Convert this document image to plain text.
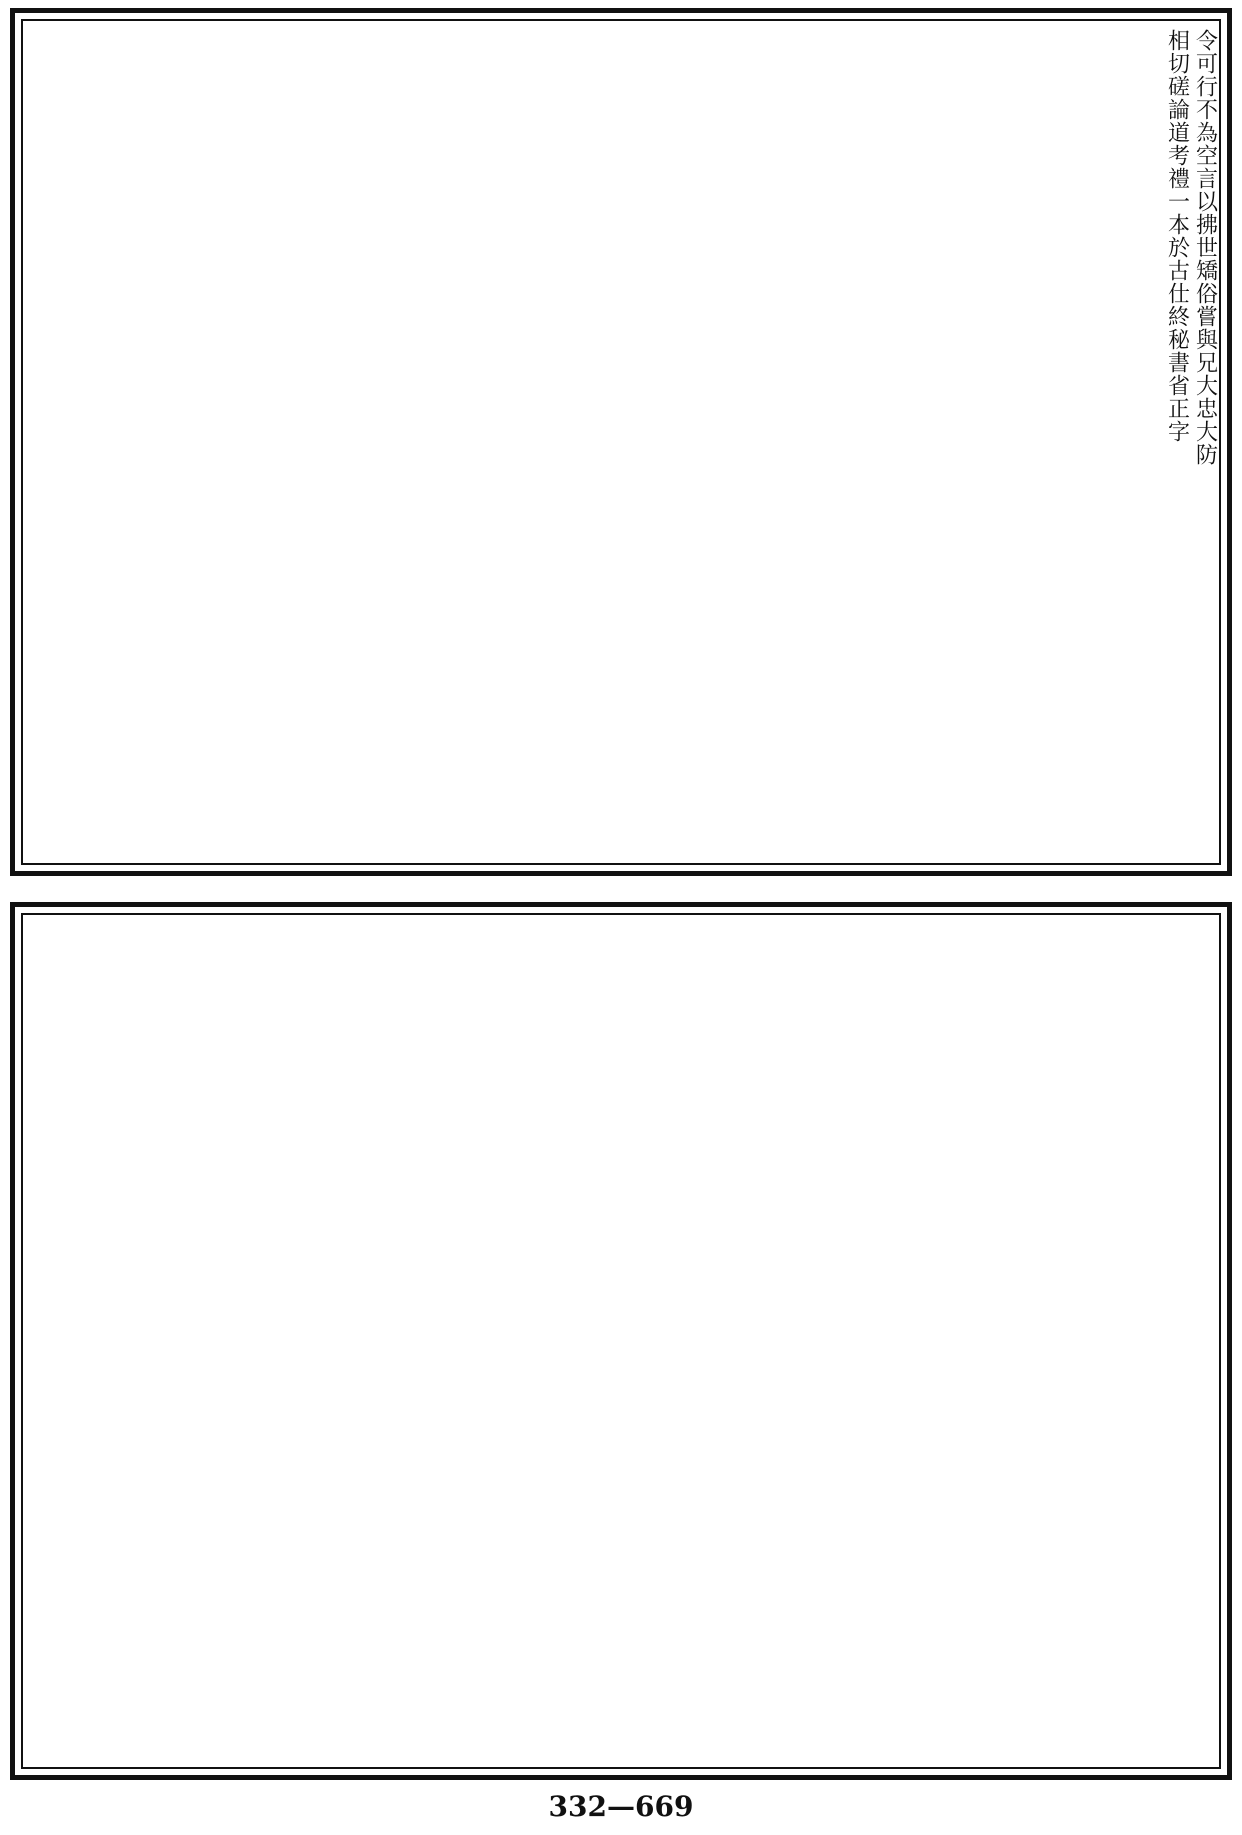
令可行不為空言以拂世矯俗嘗與兄大忠大防
相切磋論道考禮一本於古仕終秘書省正字
332—669
